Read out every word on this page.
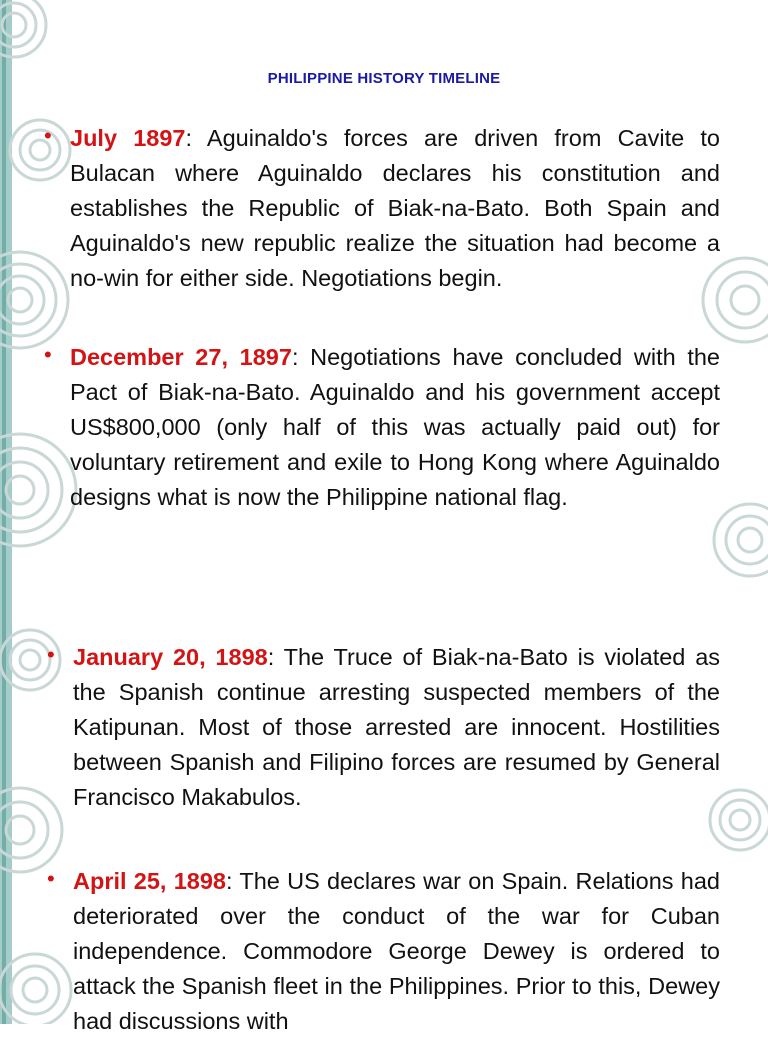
PHILIPPINE HISTORY TIMELINE
• July 1897: Aguinaldo's forces are driven from Cavite to Bulacan where Aguinaldo declares his constitution and establishes the Republic of Biak-na-Bato. Both Spain and Aguinaldo's new republic realize the situation had become a no-win for either side. Negotiations begin.
• December 27, 1897: Negotiations have concluded with the Pact of Biak-na-Bato. Aguinaldo and his government accept US$800,000 (only half of this was actually paid out) for voluntary retirement and exile to Hong Kong where Aguinaldo designs what is now the Philippine national flag.
• January 20, 1898: The Truce of Biak-na-Bato is violated as the Spanish continue arresting suspected members of the Katipunan. Most of those arrested are innocent. Hostilities between Spanish and Filipino forces are resumed by General Francisco Makabulos.
• April 25, 1898: The US declares war on Spain. Relations had deteriorated over the conduct of the war for Cuban independence. Commodore George Dewey is ordered to attack the Spanish fleet in the Philippines. Prior to this, Dewey had discussions with
